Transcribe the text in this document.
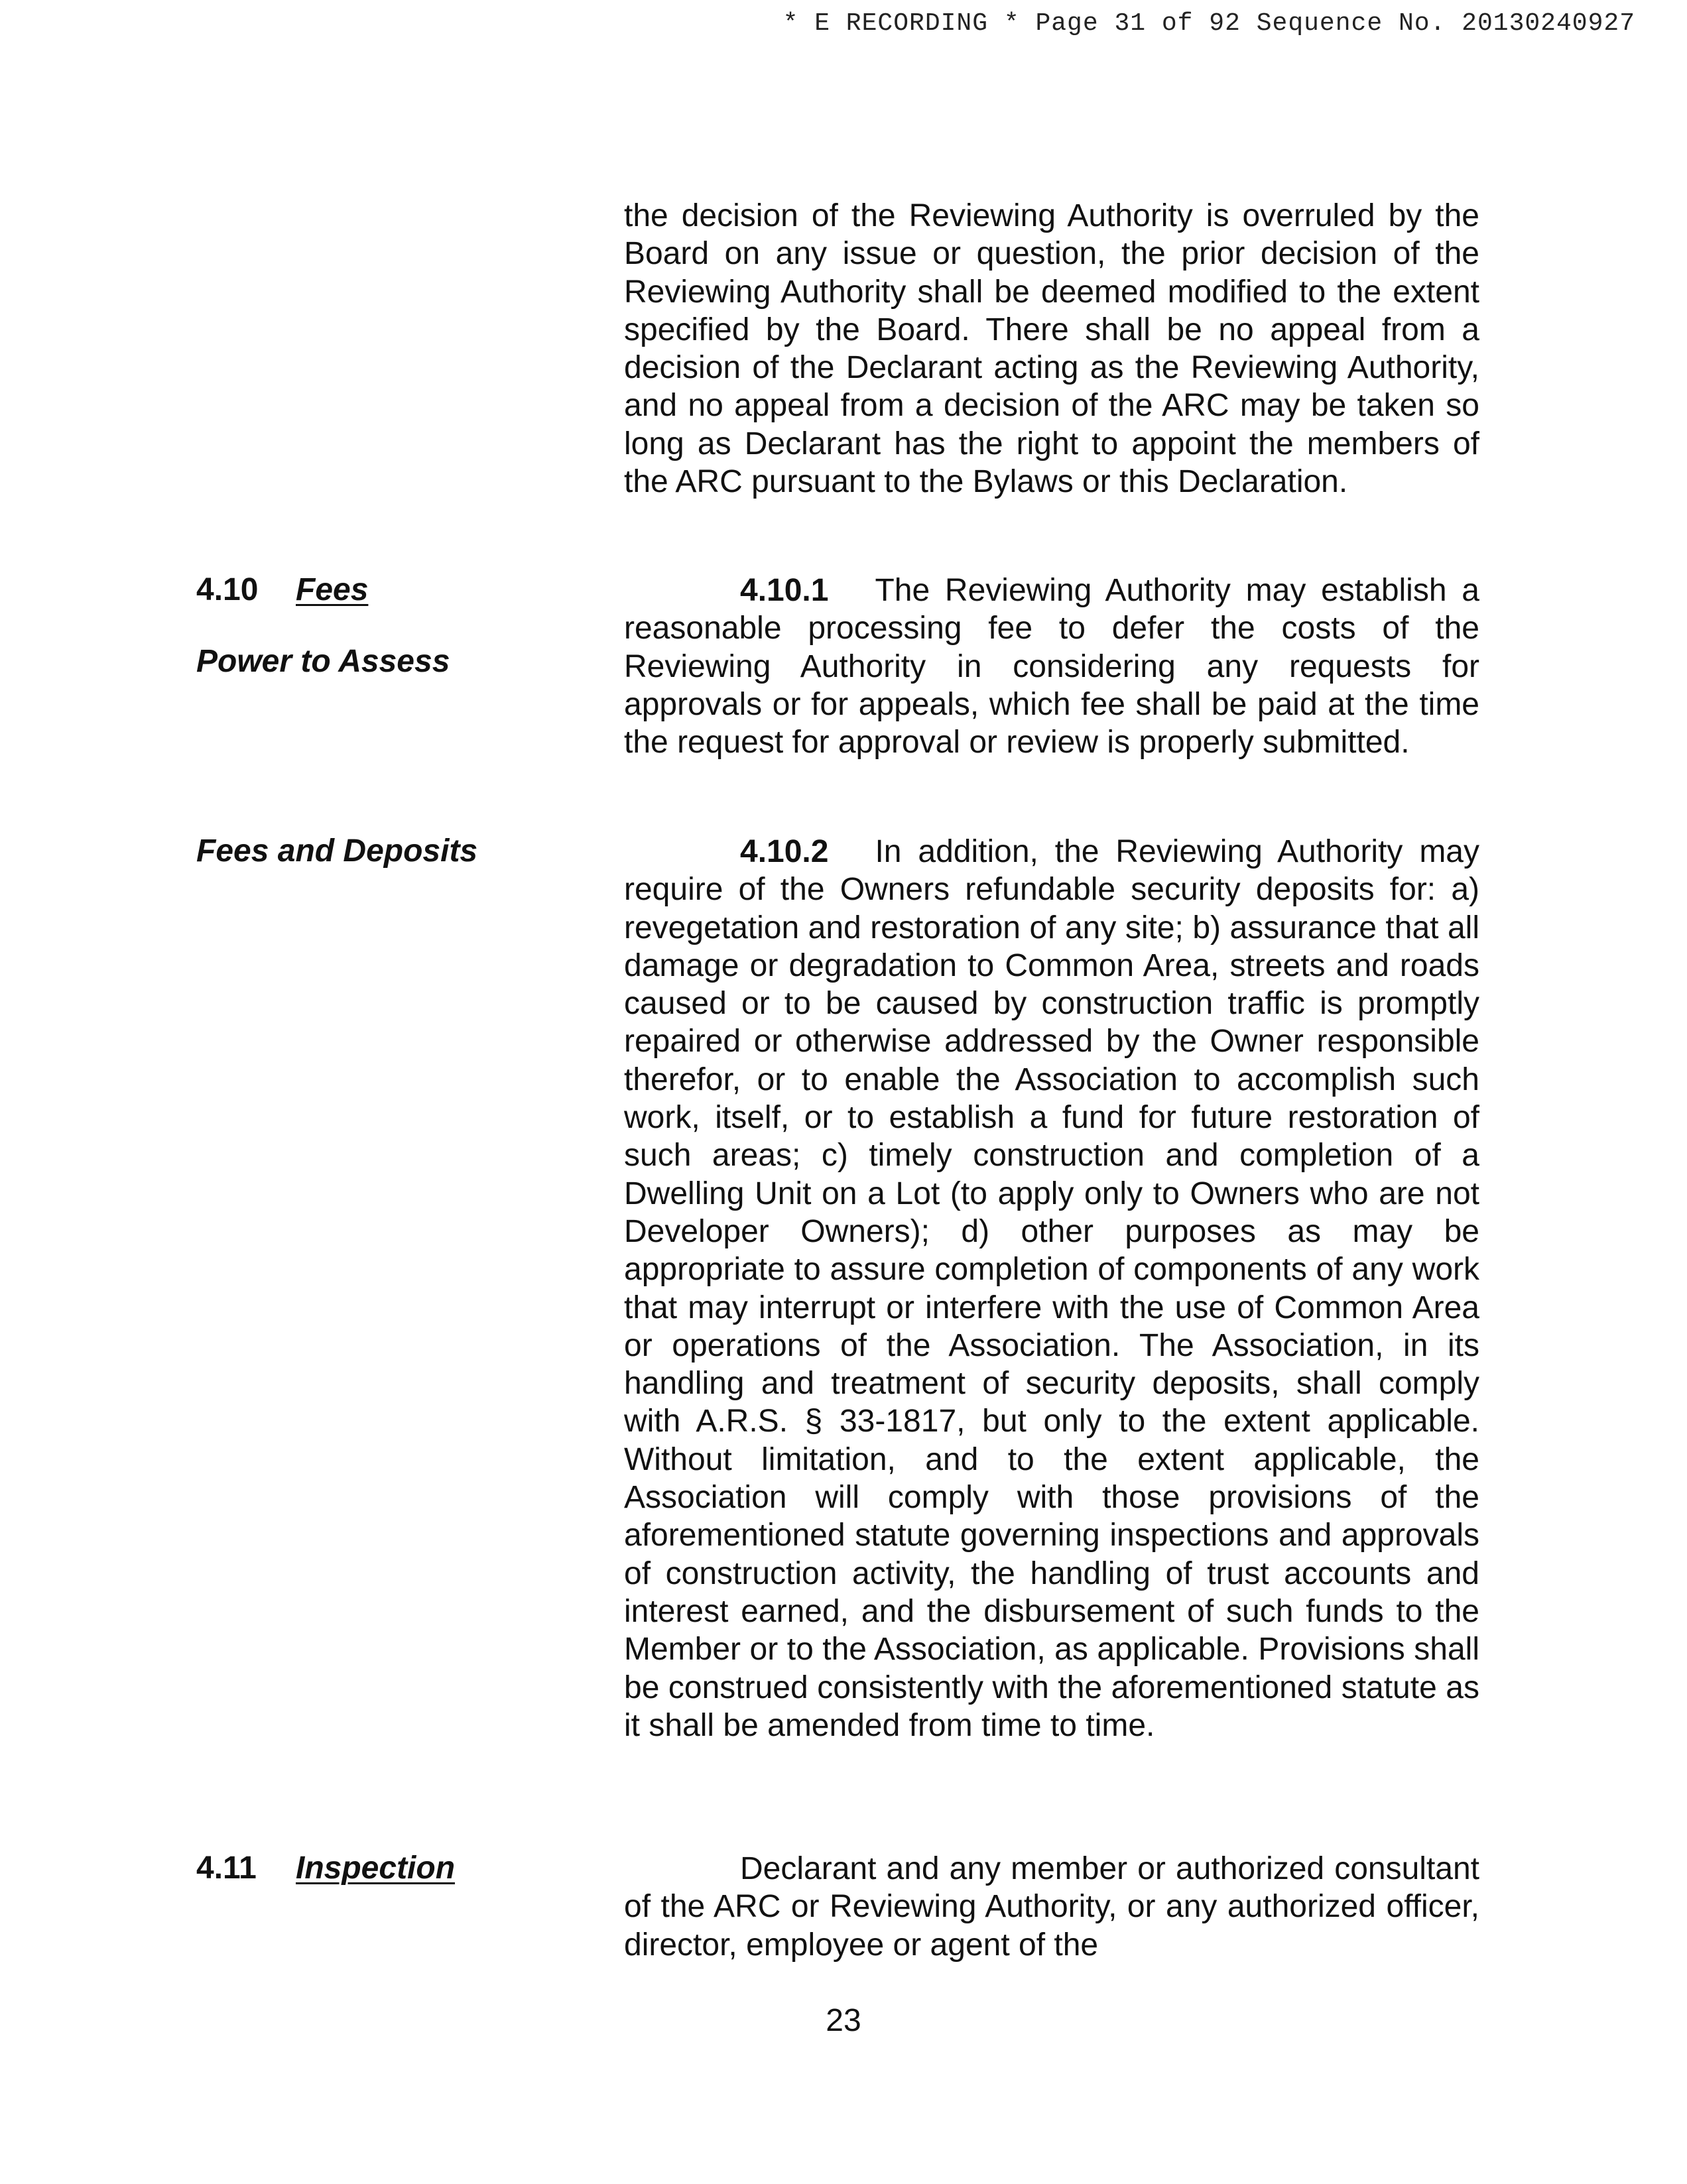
* E RECORDING * Page 31 of 92 Sequence No. 20130240927
the decision of the Reviewing Authority is overruled by the Board on any issue or question, the prior decision of the Reviewing Authority shall be deemed modified to the extent specified by the Board. There shall be no appeal from a decision of the Declarant acting as the Reviewing Authority, and no appeal from a decision of the ARC may be taken so long as Declarant has the right to appoint the members of the ARC pursuant to the Bylaws or this Declaration.
4.10 Fees
Power to Assess
Fees and Deposits
4.10.1 The Reviewing Authority may establish a reasonable processing fee to defer the costs of the Reviewing Authority in considering any requests for approvals or for appeals, which fee shall be paid at the time the request for approval or review is properly submitted.
4.10.2 In addition, the Reviewing Authority may require of the Owners refundable security deposits for: a) revegetation and restoration of any site; b) assurance that all damage or degradation to Common Area, streets and roads caused or to be caused by construction traffic is promptly repaired or otherwise addressed by the Owner responsible therefor, or to enable the Association to accomplish such work, itself, or to establish a fund for future restoration of such areas; c) timely construction and completion of a Dwelling Unit on a Lot (to apply only to Owners who are not Developer Owners); d) other purposes as may be appropriate to assure completion of components of any work that may interrupt or interfere with the use of Common Area or operations of the Association. The Association, in its handling and treatment of security deposits, shall comply with A.R.S. § 33-1817, but only to the extent applicable. Without limitation, and to the extent applicable, the Association will comply with those provisions of the aforementioned statute governing inspections and approvals of construction activity, the handling of trust accounts and interest earned, and the disbursement of such funds to the Member or to the Association, as applicable. Provisions shall be construed consistently with the aforementioned statute as it shall be amended from time to time.
4.11 Inspection	Declarant and any member or authorized consultant of the ARC or Reviewing Authority, or any authorized officer, director, employee or agent of the
23
